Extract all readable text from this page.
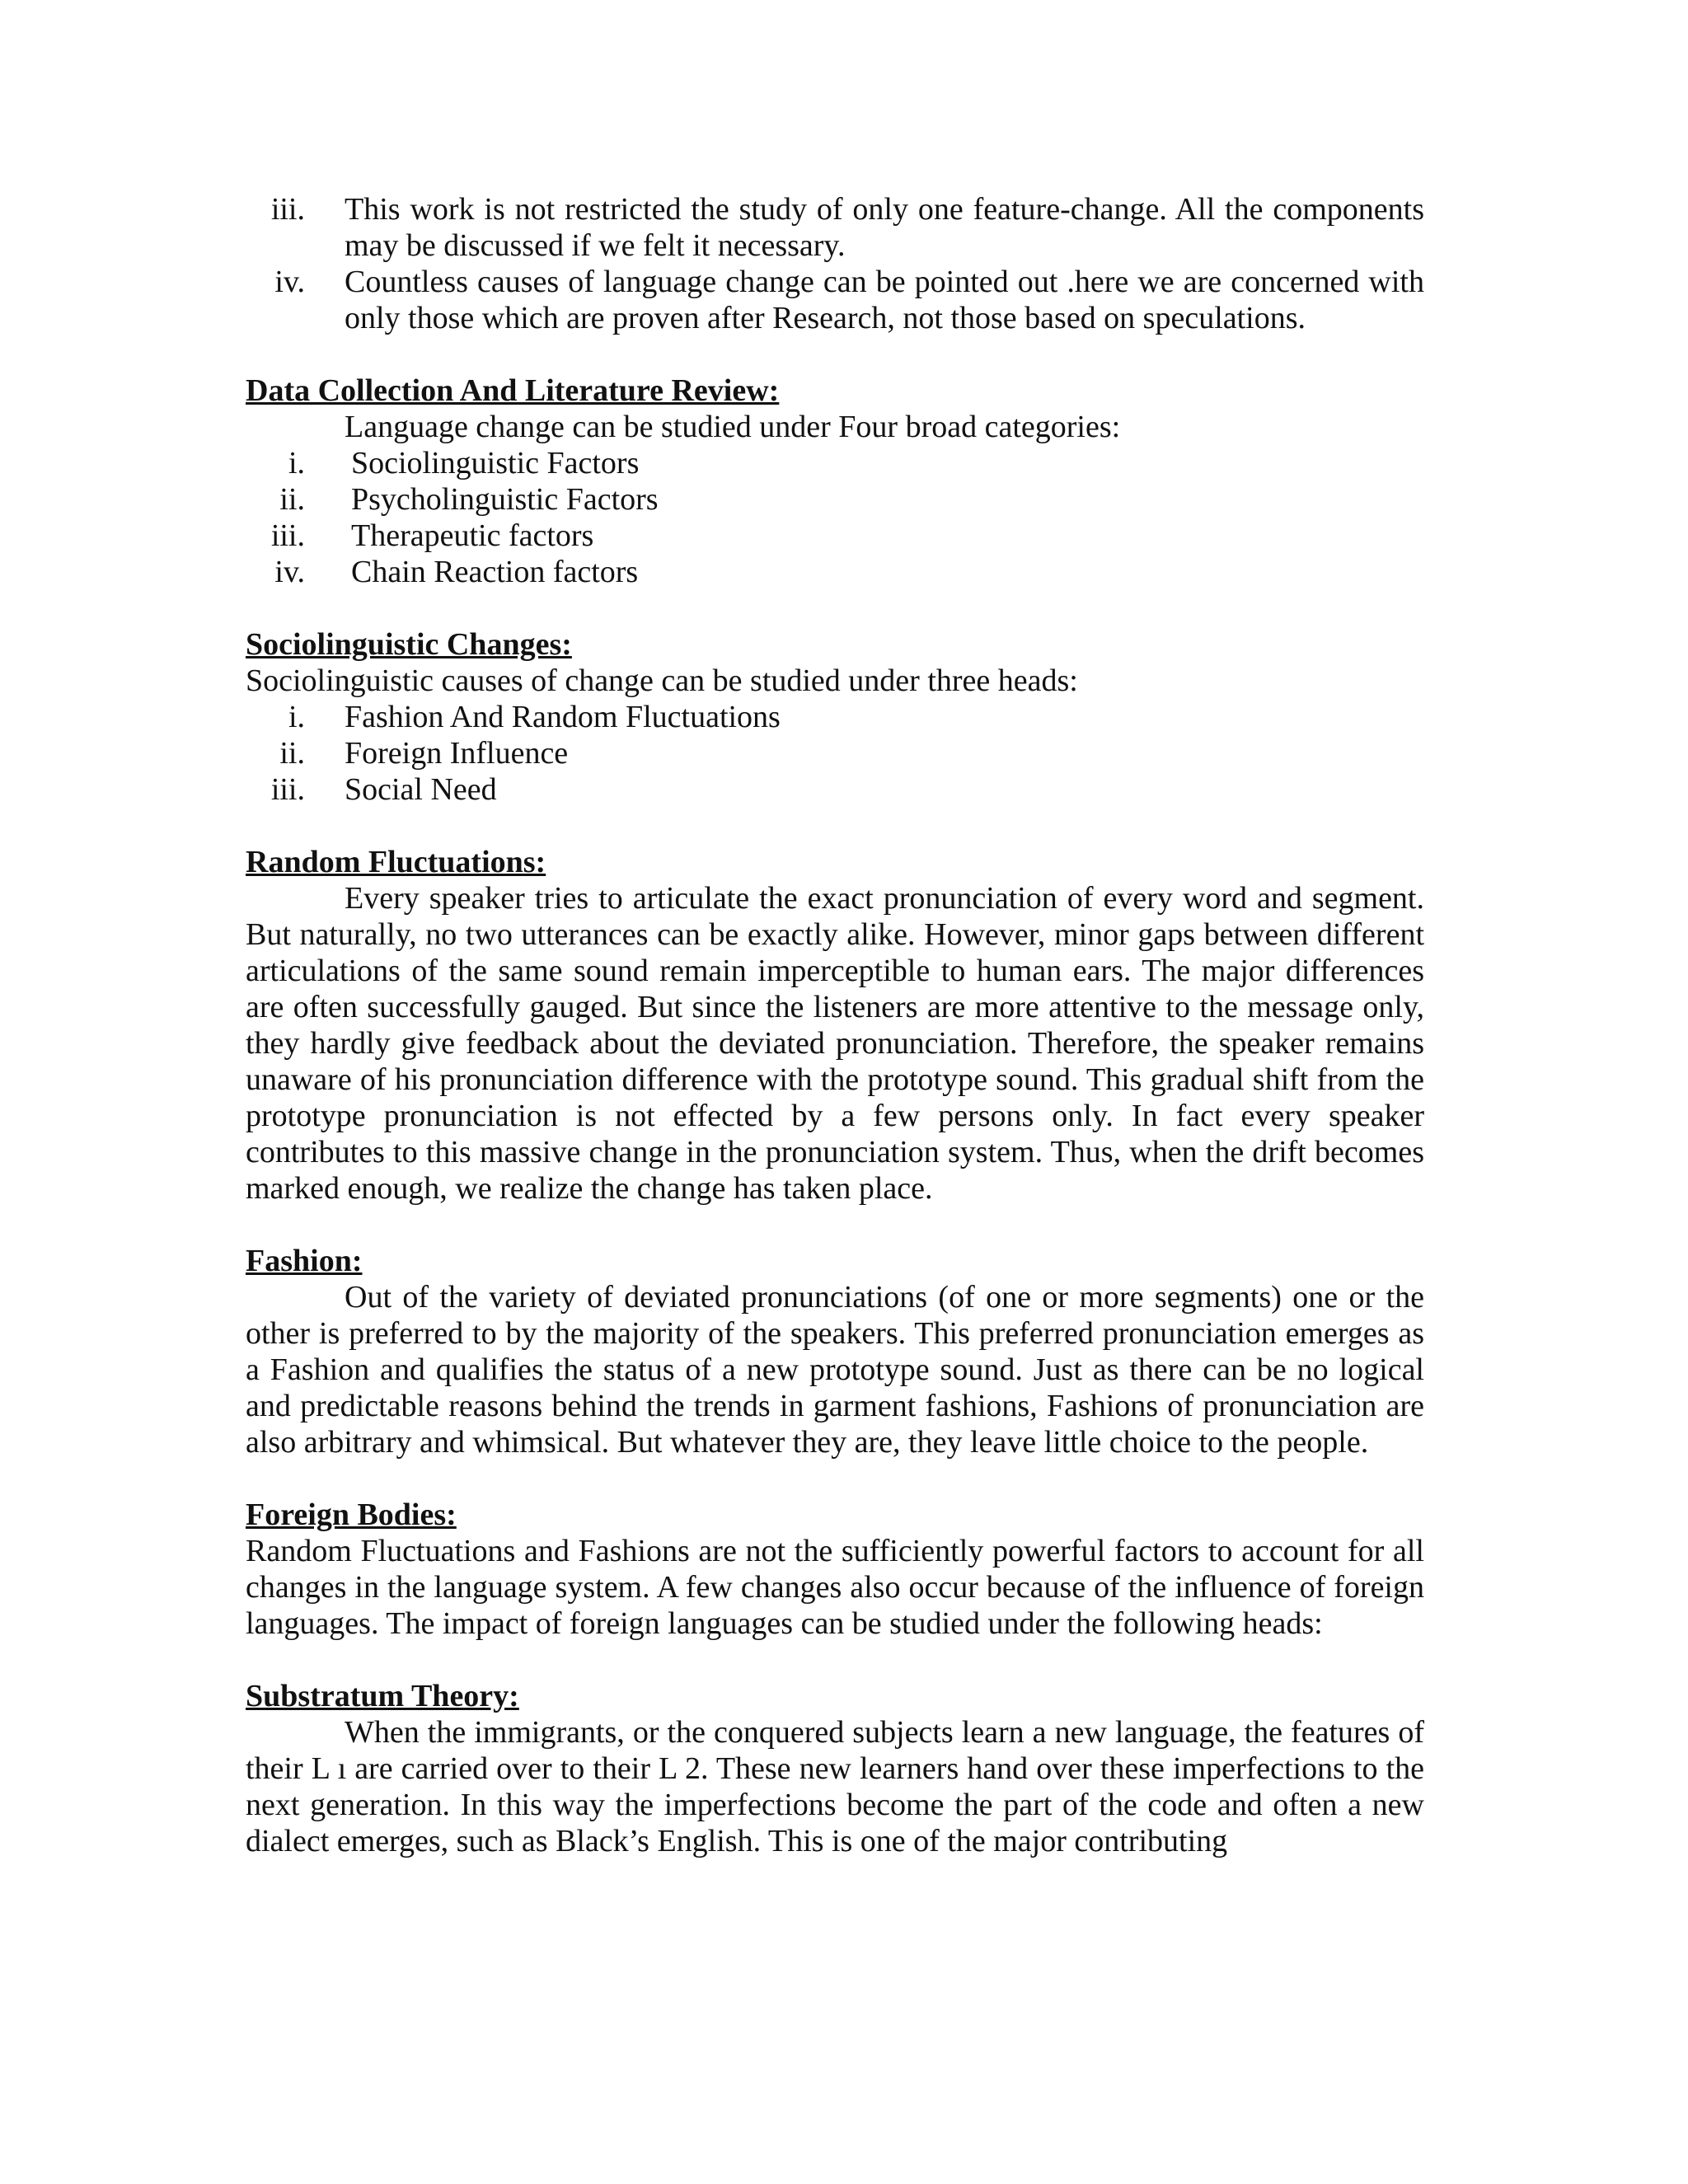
iii. This work is not restricted the study of only one feature-change. All the components may be discussed if we felt it necessary.
iv. Countless causes of language change can be pointed out .here we are concerned with only those which are proven after Research, not those based on speculations.

Data Collection And Literature Review:

Language change can be studied under Four broad categories:

i. Sociolinguistic Factors
ii. Psycholinguistic Factors
iii. Therapeutic factors
iv. Chain Reaction factors

Sociolinguistic Changes:

Sociolinguistic causes of change can be studied under three heads:

i. Fashion And Random Fluctuations
ii. Foreign Influence
iii. Social Need

Random Fluctuations:

Every speaker tries to articulate the exact pronunciation of every word and segment. But naturally, no two utterances can be exactly alike. However, minor gaps between different articulations of the same sound remain imperceptible to human ears. The major differences are often successfully gauged. But since the listeners are more attentive to the message only, they hardly give feedback about the deviated pronunciation. Therefore, the speaker remains unaware of his pronunciation difference with the prototype sound. This gradual shift from the prototype pronunciation is not effected by a few persons only. In fact every speaker contributes to this massive change in the pronunciation system. Thus, when the drift becomes marked enough, we realize the change has taken place.

Fashion:

Out of the variety of deviated pronunciations (of one or more segments) one or the other is preferred to by the majority of the speakers. This preferred pronunciation emerges as a Fashion and qualifies the status of a new prototype sound. Just as there can be no logical and predictable reasons behind the trends in garment fashions, Fashions of pronunciation are also arbitrary and whimsical. But whatever they are, they leave little choice to the people.

Foreign Bodies:

Random Fluctuations and Fashions are not the sufficiently powerful factors to account for all changes in the language system. A few changes also occur because of the influence of foreign languages. The impact of foreign languages can be studied under the following heads:

Substratum Theory:

When the immigrants, or the conquered subjects learn a new language, the features of their L ı are carried over to their L 2. These new learners hand over these imperfections to the next generation. In this way the imperfections become the part of the code and often a new dialect emerges, such as Black’s English. This is one of the major contributing
